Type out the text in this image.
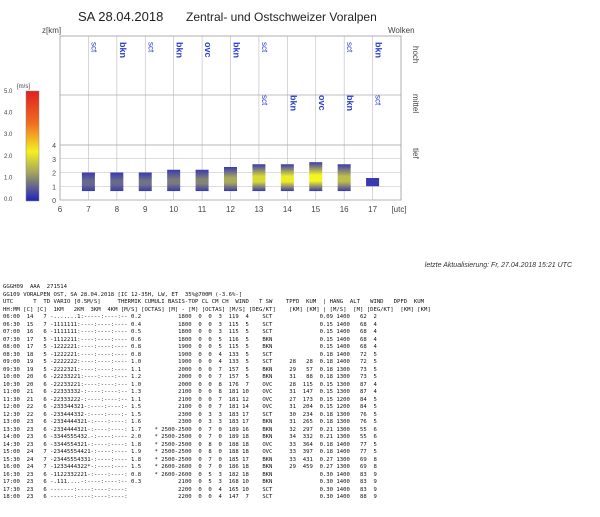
SA 28.04.2018 Zentral- und Ostschweizer Voralpen
z[km]	Wolken
hoch
mittel
tief
[m/s]
sct bkn sct bkn ovc bkn sct	sct bkn
sct bkn ovc bkn sct
6	7	8	9	10 11 12 13 14 15 16 17 [utc]
0
1
2
3
4
5.0
4.0
3.0
2.0
1.0
0.0
letzte Aktualisierung: Fr, 27.04.2018 15:21 UTC
GGGH09  AAA  271514
GG109 VORALPEN OST, SA 28.04.2018 [IC 12-35H, LW, ET  35%@700M (-3.6%-]
UTC      T  TD VARIO [0.5M/S]     THERMIK CUMULI BASIS-TOP CL CM CH  WIND   T SW    TPFD  KUM  | HANG  ALT   WIND   DPFD  KUM
HH:MM [C] [C]  1KM   2KM  3KM  4KM [M/S] [OCTAS] [M] - [M] [OCTAS] [M/S] [DEG/KT]    [KM] [KM] | [M/S]  [M] [DEG/KT]  [KM] [KM]
06:00  14   7 -.......1:-----:----:-- 0.2           1800  0  0  3  119  4    SCT              0.09 1400   62  2
06:30  15   7 -1111111:----:----:---- 0.4           1800  0  0  3  115  5    SCT              0.15 1400   68  4
07:00  16   6 -1111111:----:----:---- 0.5           1800  0  0  3  115  5    SCT              0.15 1400   68  4
07:30  17   5 -1112211:----:----:---- 0.6           1800  0  0  5  116  5    BKN              0.15 1400   68  4
08:00  17   5 -1222221:----:----:---- 0.8           1900  0  0  5  115  5    BKN              0.15 1400   68  4
08:30  18   5 -1222221:----:----:---- 0.8           1900  0  0  4  133  5    SCT              0.18 1400   72  5
09:00  19   5 -2222222:----:----:---- 1.0           1900  0  0  4  133  5    SCT     28   28  0.18 1400   72  5
09:30  19   5 -2222321:----:----:---- 1.1           2000  0  0  7  157  5    BKN     29   57  0.18 1300   73  5
10:00  20   6 -22233221:----:----:--- 1.2           2000  0  0  7  157  5    BKN     31   88  0.18 1300   73  5
10:30  20   6 -22233221:----:----:--- 1.0           2000  0  0  8  176  7    OVC     28  115  0.15 1300   87  4
11:00  21   6 -22333332-:----:----:-- 1.3           2100  0  0  8  181 10    OVC     31  147  0.15 1300   87  4
11:30  21   6 -22333222-:----:----:-- 1.1           2100  0  0  7  181 12    OVC     27  173  0.15 1200   84  5
12:00  22   6 -233344321-:----:----:- 1.5           2100  0  0  7  181 14    OVC     31  204  0.15 1200   84  5
12:30  22   6 -233444332-:----:----:- 1.5           2300  0  3  3  183 17    SCT     30  234  0.18 1300   76  5
13:00  23   6 -2334444321-:----:----: 1.6           2300  0  3  3  183 17    BKN     31  265  0.18 1300   76  5
13:30  23   6 -2334444321-:----:----: 1.7    * 2500-2500  0  7  0  189 16    BKN     32  297  0.21 1300   55  6
14:00  23   6 -3344555432.-:----:---- 2.0    * 2500-2500  0  7  0  189 18    BKN     34  332  0.21 1300   55  6
14:30  23   6 -3344554321-:----:----: 1.8    * 2500-2500  0  8  0  188 18    OVC     33  364  0.18 1400   77  5
15:00  24   7 -23445554421-:----:---- 1.9    * 2500-2500  0  8  0  188 18    OVC     33  397  0.18 1400   77  5
15:30  24   7 -23445554331-:----:---- 1.8    * 2500-2500  0  7  0  185 17    BKN     33  431  0.27 1300   69  8
16:00  24   7 -1233444322*-:----:---- 1.5    * 2600-2600  0  7  0  186 18    BKN     29  459  0.27 1300   69  8
16:30  23   6 -1122332221-:----:----: 0.8    * 2600-2600  0  5  3  182 18    BKN              0.30 1400   83  9
17:00  23   6 -.111....-:----:----:-- 0.3           2100  0  5  3  168 10    BKN              0.30 1400   83  9
17:30  23   6 -------:----:----:----:               2200  0  0  4  165 10    SCT              0.30 1400   83  9
18:00  23   6 -------:----:----:----:               2200  0  0  4  147  7    SCT              0.30 1400   88  9
